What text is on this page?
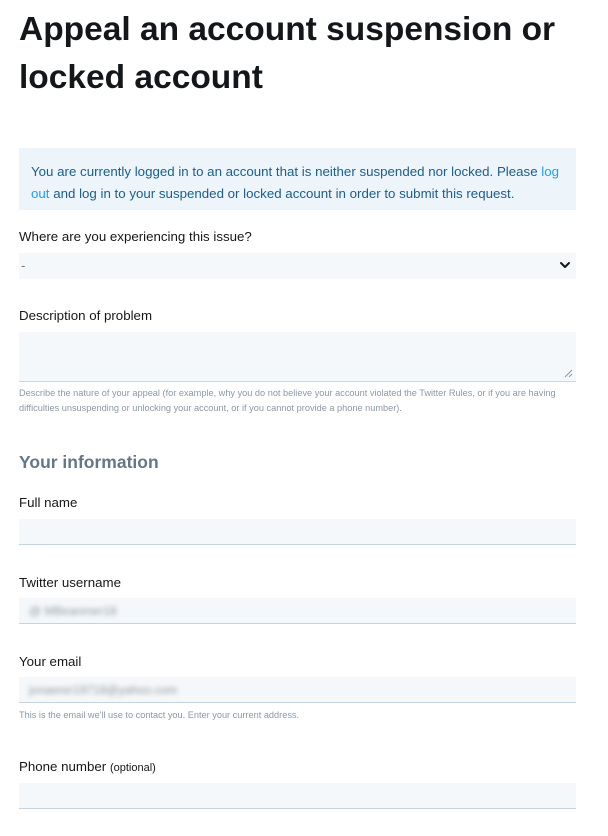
Appeal an account suspension or locked account
You are currently logged in to an account that is neither suspended nor locked. Please log out and log in to your suspended or locked account in order to submit this request.
Where are you experiencing this issue?
-
Description of problem
Describe the nature of your appeal (for example, why you do not believe your account violated the Twitter Rules, or if you are having difficulties unsuspending or unlocking your account, or if you cannot provide a phone number).
Your information
Full name
Twitter username
@ MBeanmer18
Your email
jonaerer19718@yahoo.com
This is the email we'll use to contact you. Enter your current address.
Phone number (optional)
